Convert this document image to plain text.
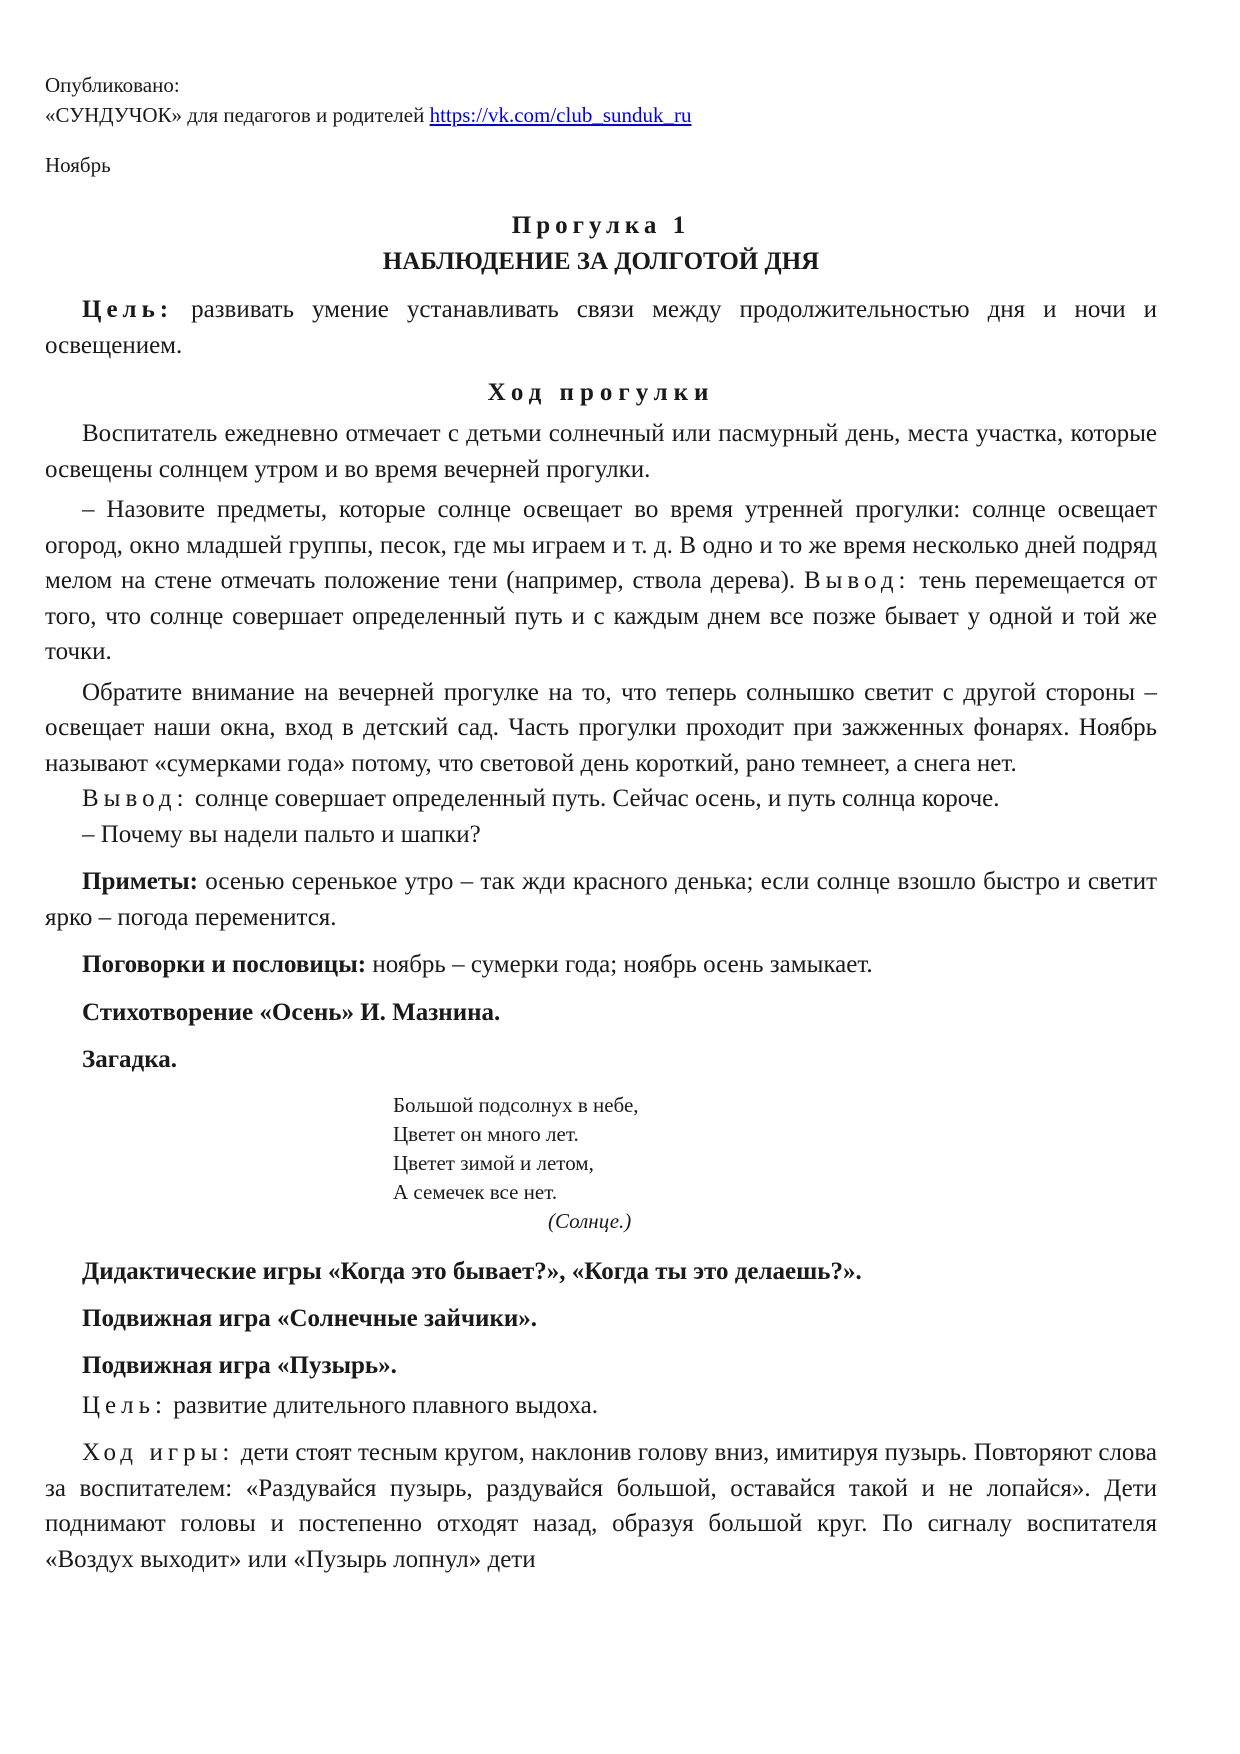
Опубликовано:
«СУНДУЧОК» для педагогов и родителей https://vk.com/club_sunduk_ru
Ноябрь
Прогулка 1
НАБЛЮДЕНИЕ ЗА ДОЛГОТОЙ ДНЯ

Цель: развивать умение устанавливать связи между продолжительностью дня и ночи и освещением.

Ход прогулки

Воспитатель ежедневно отмечает с детьми солнечный или пасмурный день, места участка, которые освещены солнцем утром и во время вечерней прогулки.

– Назовите предметы, которые солнце освещает во время утренней прогулки: солнце освещает огород, окно младшей группы, песок, где мы играем и т. д. В одно и то же время несколько дней подряд мелом на стене отмечать положение тени (например, ствола дерева). Вывод: тень перемещается от того, что солнце совершает определенный путь и с каждым днем все позже бывает у одной и той же точки.

Обратите внимание на вечерней прогулке на то, что теперь солнышко светит с другой стороны – освещает наши окна, вход в детский сад. Часть прогулки проходит при зажженных фонарях. Ноябрь называют «сумерками года» потому, что световой день короткий, рано темнеет, а снега нет.

Вывод: солнце совершает определенный путь. Сейчас осень, и путь солнца короче.

– Почему вы надели пальто и шапки?

Приметы: осенью серенькое утро – так жди красного денька; если солнце взошло быстро и светит ярко – погода переменится.

Поговорки и пословицы: ноябрь – сумерки года; ноябрь осень замыкает.

Стихотворение «Осень» И. Мазнина.
Загадка.
Большой подсолнух в небе,
Цветет он много лет.
Цветет зимой и летом,
А семечек все нет.
(Солнце.)
Дидактические игры «Когда это бывает?», «Когда ты это делаешь?».
Подвижная игра «Солнечные зайчики».
Подвижная игра «Пузырь».

Цель: развитие длительного плавного выдоха.

Ход игры: дети стоят тесным кругом, наклонив голову вниз, имитируя пузырь. Повторяют слова за воспитателем: «Раздувайся пузырь, раздувайся большой, оставайся такой и не лопайся». Дети поднимают головы и постепенно отходят назад, образуя большой круг. По сигналу воспитателя «Воздух выходит» или «Пузырь лопнул» дети
